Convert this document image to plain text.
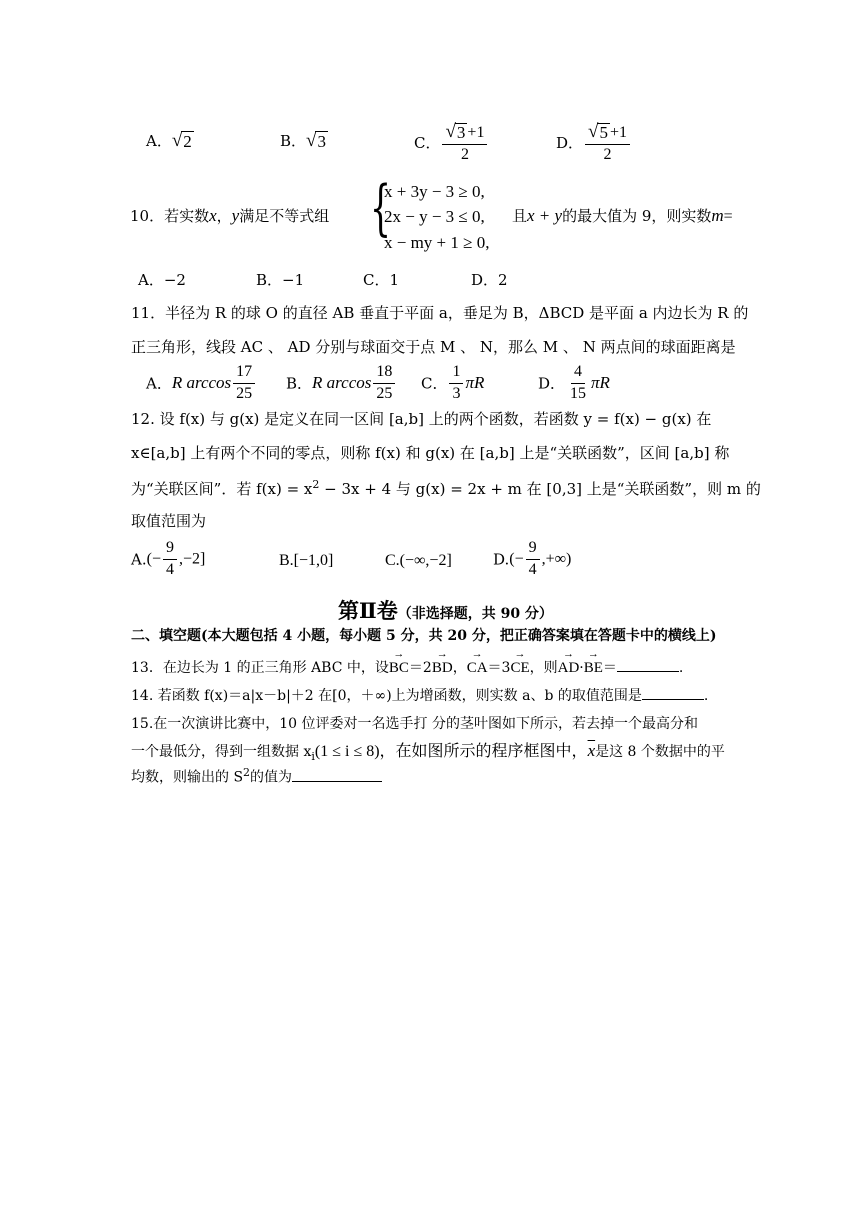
A． √ 2	B． √ 3	C． $\frac{√ 3 +1}{2}$	D． $\frac{√ 5 +1}{2}$
10．若实数x，y满足不等式组 {
x + 3y − 3 ≥ 0,
2x − y − 3 ≤ 0,
x − my + 1 ≥ 0,
且x + y的最大值为 9，则实数m=
A．−2	B．−1	C．1	D．2
11．半径为 R 的球 O 的直径 AB 垂直于平面 a，垂足为 B，ΔBCD 是平面 a 内边长为 R 的
正三角形，线段 AC 、 AD 分别与球面交于点 M 、 N，那么 M 、 N 两点间的球面距离是
A．R $\arccos \frac{17}{25}$ B．R $\arccos \frac{18}{25}$ C． $\frac{1}{3}$ πR	D． $\frac{4}{15}$ πR
12. 设 f(x) 与 g(x) 是定义在同一区间 [a,b] 上的两个函数，若函数 y = f(x) − g(x) 在
x∈[a,b] 上有两个不同的零点，则称 f(x) 和 g(x) 在 [a,b] 上是“关联函数”，区间 [a,b] 称
为“关联区间”．若 $f(x) = x^2 - 3x + 4$ 与 g(x) = 2x + m 在 [0,3] 上是“关联函数”，则 m 的
取值范围为
$A.(- \frac{9}{4} ,-2]$	B.[−1,0]	C.(−∞,−2]	$D.(- \frac{9}{4}$ ,+∞)
第Ⅱ卷（非选择题，共 90 分）
二、填空题(本大题包括 4 小题，每小题 5 分，共 20 分，把正确答案填在答题卡中的横线上)
13．在边长为 1 的正三角形 ABC 中，设→ BC＝2→ BD，→ CA＝3→ CE，则→ AD·→ BE＝	.
14. 若函数 f(x)＝a|x－b|＋2 在[0，＋∞)上为增函数，则实数 a、b 的取值范围是	.
15.在一次演讲比赛中，10 位评委对一名选手打 分的茎叶图如下所示，若去掉一个最高分和
一个最低分，得到一组数据 $x_i(1 \le i \le 8)$，在如图所示的程序框图中，$\overline{x}$是这 8 个数据中的平
均数，则输出的 $S^2$的值为
